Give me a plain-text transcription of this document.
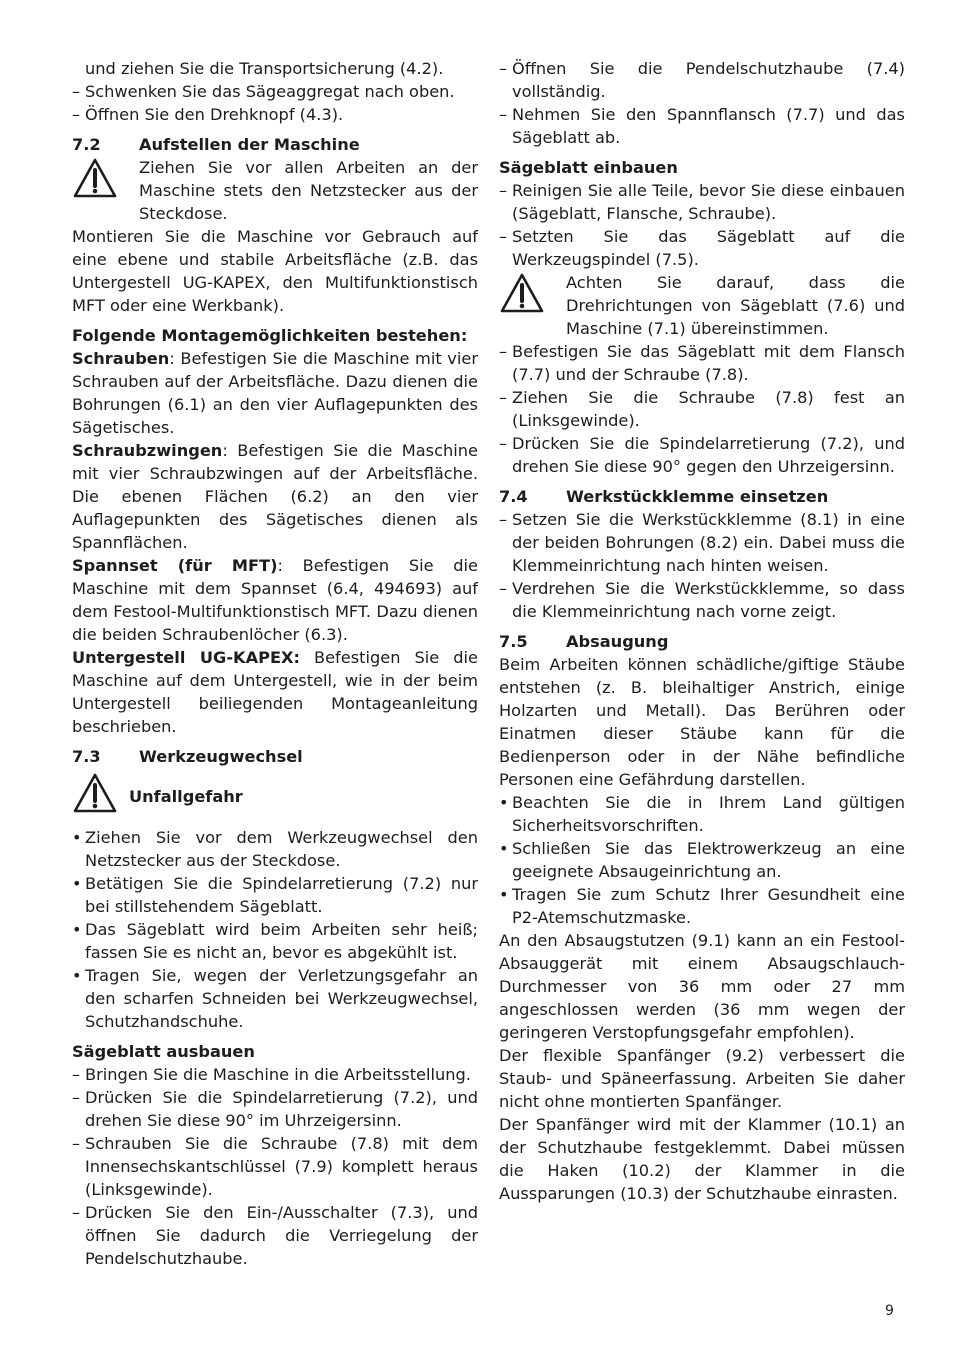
und ziehen Sie die Transportsicherung (4.2).

– Schwenken Sie das Sägeaggregat nach oben.
– Öffnen Sie den Drehknopf (4.3).
7.2	Aufstellen der Maschine

Ziehen Sie vor allen Arbeiten an der Maschine stets den Netzstecker aus der Steckdose.

Montieren Sie die Maschine vor Gebrauch auf eine ebene und stabile Arbeitsfläche (z.B. das Untergestell UG-KAPEX, den Multifunktionstisch MFT oder eine Werkbank).

Folgende Montagemöglichkeiten bestehen:

Schrauben: Befestigen Sie die Maschine mit vier Schrauben auf der Arbeitsfläche. Dazu dienen die Bohrungen (6.1) an den vier Auflagepunkten des Sägetisches.

Schraubzwingen: Befestigen Sie die Maschine mit vier Schraubzwingen auf der Arbeitsfläche. Die ebenen Flächen (6.2) an den vier Auflagepunkten des Sägetisches dienen als Spannflächen.

Spannset (für MFT): Befestigen Sie die Maschine mit dem Spannset (6.4, 494693) auf dem Festool-Multifunktionstisch MFT. Dazu dienen die beiden Schraubenlöcher (6.3).

Untergestell UG-KAPEX: Befestigen Sie die Maschine auf dem Untergestell, wie in der beim Untergestell beiliegenden Montageanleitung beschrieben.

7.3	Werkzeugwechsel
Unfallgefahr
• Ziehen Sie vor dem Werkzeugwechsel den Netzstecker aus der Steckdose.
• Betätigen Sie die Spindelarretierung (7.2) nur bei stillstehendem Sägeblatt.
• Das Sägeblatt wird beim Arbeiten sehr heiß; fassen Sie es nicht an, bevor es abgekühlt ist.
• Tragen Sie, wegen der Verletzungsgefahr an den scharfen Schneiden bei Werkzeugwechsel, Schutzhandschuhe.

Sägeblatt ausbauen

– Bringen Sie die Maschine in die Arbeitsstellung.
– Drücken Sie die Spindelarretierung (7.2), und drehen Sie diese 90° im Uhrzeigersinn.
– Schrauben Sie die Schraube (7.8) mit dem Innensechskantschlüssel (7.9) komplett heraus (Linksgewinde).
– Drücken Sie den Ein-/Ausschalter (7.3), und öffnen Sie dadurch die Verriegelung der Pendelschutzhaube.
– Öffnen Sie die Pendelschutzhaube (7.4) vollständig.
– Nehmen Sie den Spannflansch (7.7) und das Sägeblatt ab.

Sägeblatt einbauen

– Reinigen Sie alle Teile, bevor Sie diese einbauen (Sägeblatt, Flansche, Schraube).
– Setzten Sie das Sägeblatt auf die Werkzeugspindel (7.5).

Achten Sie darauf, dass die Drehrichtungen von Sägeblatt (7.6) und Maschine (7.1) übereinstimmen.

– Befestigen Sie das Sägeblatt mit dem Flansch (7.7) und der Schraube (7.8).
– Ziehen Sie die Schraube (7.8) fest an (Linksgewinde).
– Drücken Sie die Spindelarretierung (7.2), und drehen Sie diese 90° gegen den Uhrzeigersinn.
7.4	Werkstückklemme einsetzen
– Setzen Sie die Werkstückklemme (8.1) in eine der beiden Bohrungen (8.2) ein. Dabei muss die Klemmeinrichtung nach hinten weisen.
– Verdrehen Sie die Werkstückklemme, so dass die Klemmeinrichtung nach vorne zeigt.
7.5	Absaugung

Beim Arbeiten können schädliche/giftige Stäube entstehen (z. B. bleihaltiger Anstrich, einige Holzarten und Metall). Das Berühren oder Einatmen dieser Stäube kann für die Bedienperson oder in der Nähe befindliche Personen eine Gefährdung darstellen.

• Beachten Sie die in Ihrem Land gültigen Sicherheitsvorschriften.
• Schließen Sie das Elektrowerkzeug an eine geeignete Absaugeinrichtung an.
• Tragen Sie zum Schutz Ihrer Gesundheit eine P2-Atemschutzmaske.

An den Absaugstutzen (9.1) kann an ein Festool-Absauggerät mit einem Absaugschlauch-Durchmesser von 36 mm oder 27 mm angeschlossen werden (36 mm wegen der geringeren Verstopfungsgefahr empfohlen).

Der flexible Spanfänger (9.2) verbessert die Staub- und Späneerfassung. Arbeiten Sie daher nicht ohne montierten Spanfänger.

Der Spanfänger wird mit der Klammer (10.1) an der Schutzhaube festgeklemmt. Dabei müssen die Haken (10.2) der Klammer in die Aussparungen (10.3) der Schutzhaube einrasten.

9
